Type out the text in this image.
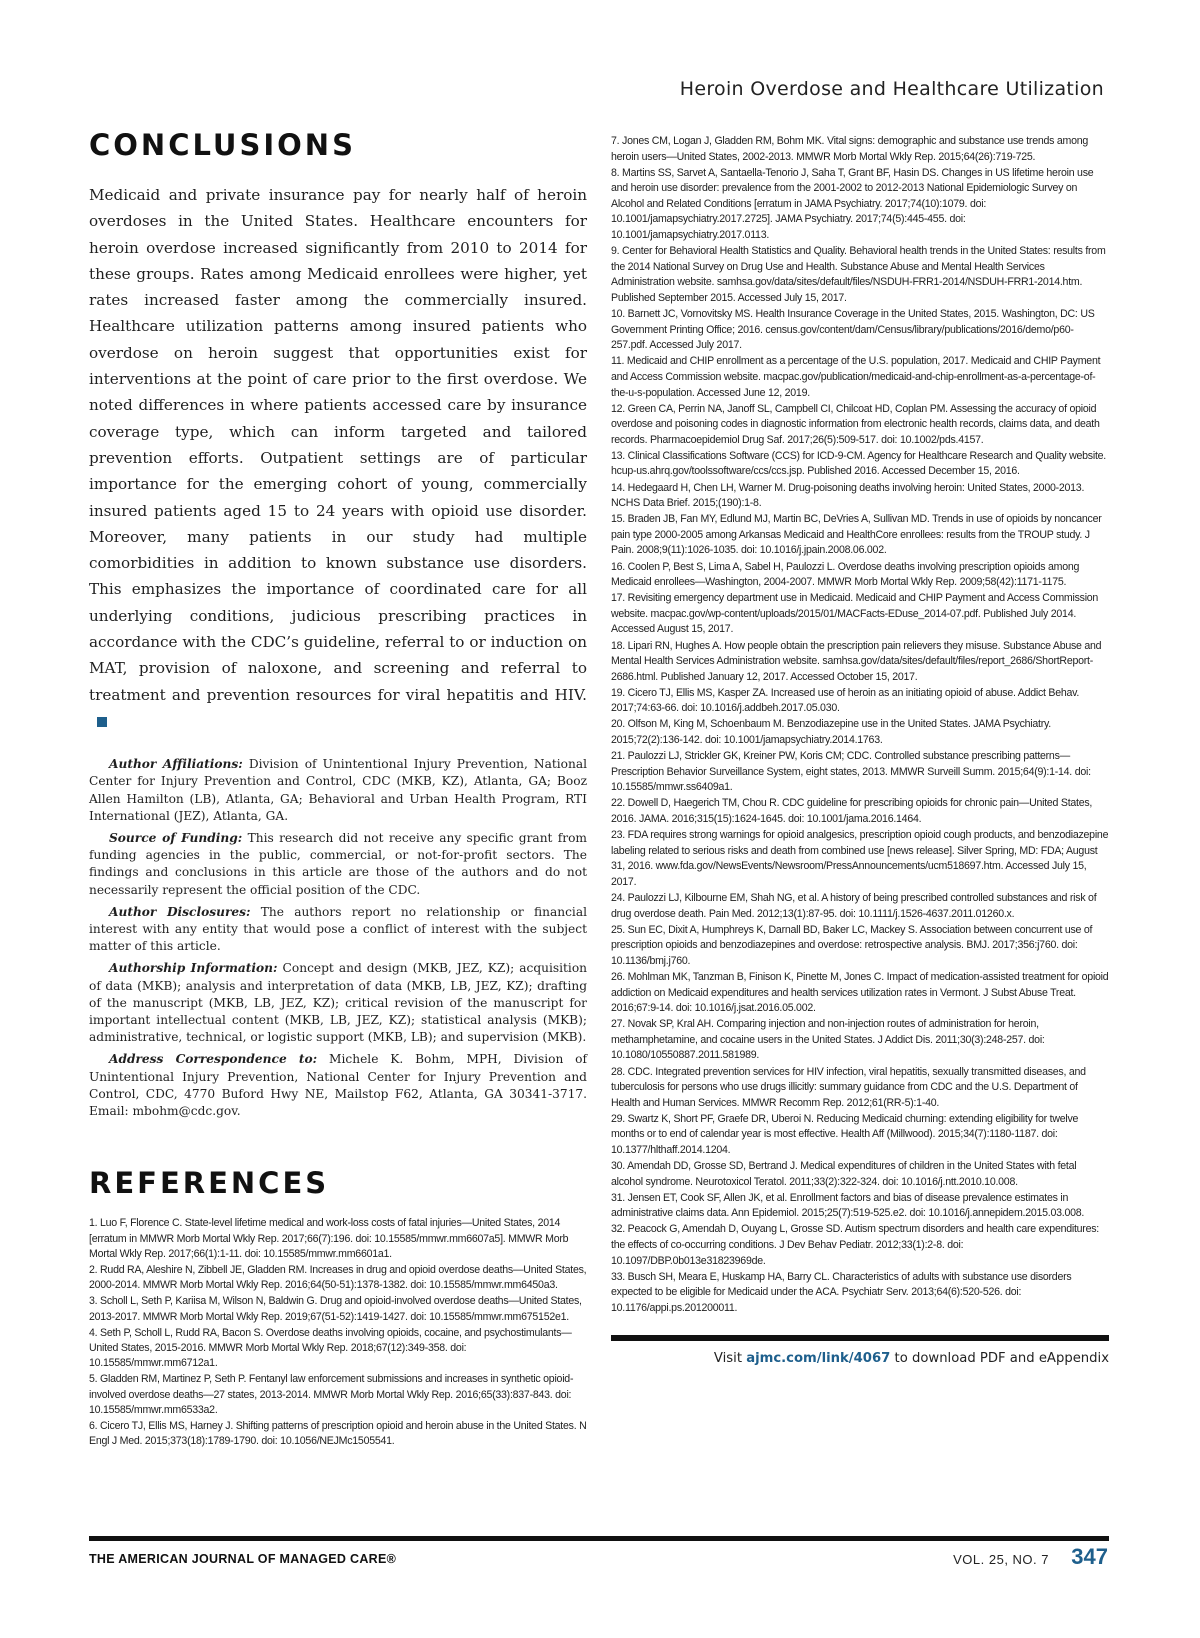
Heroin Overdose and Healthcare Utilization
CONCLUSIONS

Medicaid and private insurance pay for nearly half of heroin overdoses in the United States. Healthcare encounters for heroin overdose increased significantly from 2010 to 2014 for these groups. Rates among Medicaid enrollees were higher, yet rates increased faster among the commercially insured. Healthcare utilization patterns among insured patients who overdose on heroin suggest that opportunities exist for interventions at the point of care prior to the first overdose. We noted differences in where patients accessed care by insurance coverage type, which can inform targeted and tailored prevention efforts. Outpatient settings are of particular importance for the emerging cohort of young, commercially insured patients aged 15 to 24 years with opioid use disorder. Moreover, many patients in our study had multiple comorbidities in addition to known substance use disorders. This emphasizes the importance of coordinated care for all underlying conditions, judicious prescribing practices in accordance with the CDC’s guideline, referral to or induction on MAT, provision of naloxone, and screening and referral to treatment and prevention resources for viral hepatitis and HIV.

Author Affiliations: Division of Unintentional Injury Prevention, National Center for Injury Prevention and Control, CDC (MKB, KZ), Atlanta, GA; Booz Allen Hamilton (LB), Atlanta, GA; Behavioral and Urban Health Program, RTI International (JEZ), Atlanta, GA.

Source of Funding: This research did not receive any specific grant from funding agencies in the public, commercial, or not-for-profit sectors. The findings and conclusions in this article are those of the authors and do not necessarily represent the official position of the CDC.

Author Disclosures: The authors report no relationship or financial interest with any entity that would pose a conflict of interest with the subject matter of this article.

Authorship Information: Concept and design (MKB, JEZ, KZ); acquisition of data (MKB); analysis and interpretation of data (MKB, LB, JEZ, KZ); drafting of the manuscript (MKB, LB, JEZ, KZ); critical revision of the manuscript for important intellectual content (MKB, LB, JEZ, KZ); statistical analysis (MKB); administrative, technical, or logistic support (MKB, LB); and supervision (MKB).

Address Correspondence to: Michele K. Bohm, MPH, Division of Unintentional Injury Prevention, National Center for Injury Prevention and Control, CDC, 4770 Buford Hwy NE, Mailstop F62, Atlanta, GA 30341-3717. Email: mbohm@cdc.gov.

REFERENCES

1. Luo F, Florence C. State-level lifetime medical and work-loss costs of fatal injuries—United States, 2014 [erratum in MMWR Morb Mortal Wkly Rep. 2017;66(7):196. doi: 10.15585/mmwr.mm6607a5]. MMWR Morb Mortal Wkly Rep. 2017;66(1):1-11. doi: 10.15585/mmwr.mm6601a1.

2. Rudd RA, Aleshire N, Zibbell JE, Gladden RM. Increases in drug and opioid overdose deaths—United States, 2000-2014. MMWR Morb Mortal Wkly Rep. 2016;64(50-51):1378-1382. doi: 10.15585/mmwr.mm6450a3.

3. Scholl L, Seth P, Kariisa M, Wilson N, Baldwin G. Drug and opioid-involved overdose deaths—United States, 2013-2017. MMWR Morb Mortal Wkly Rep. 2019;67(51-52):1419-1427. doi: 10.15585/mmwr.mm675152e1.

4. Seth P, Scholl L, Rudd RA, Bacon S. Overdose deaths involving opioids, cocaine, and psychostimulants—United States, 2015-2016. MMWR Morb Mortal Wkly Rep. 2018;67(12):349-358. doi: 10.15585/mmwr.mm6712a1.

5. Gladden RM, Martinez P, Seth P. Fentanyl law enforcement submissions and increases in synthetic opioid-involved overdose deaths—27 states, 2013-2014. MMWR Morb Mortal Wkly Rep. 2016;65(33):837-843. doi: 10.15585/mmwr.mm6533a2.

6. Cicero TJ, Ellis MS, Harney J. Shifting patterns of prescription opioid and heroin abuse in the United States. N Engl J Med. 2015;373(18):1789-1790. doi: 10.1056/NEJMc1505541.

7. Jones CM, Logan J, Gladden RM, Bohm MK. Vital signs: demographic and substance use trends among heroin users—United States, 2002-2013. MMWR Morb Mortal Wkly Rep. 2015;64(26):719-725.

8. Martins SS, Sarvet A, Santaella-Tenorio J, Saha T, Grant BF, Hasin DS. Changes in US lifetime heroin use and heroin use disorder: prevalence from the 2001-2002 to 2012-2013 National Epidemiologic Survey on Alcohol and Related Conditions [erratum in JAMA Psychiatry. 2017;74(10):1079. doi: 10.1001/jamapsychiatry.2017.2725]. JAMA Psychiatry. 2017;74(5):445-455. doi: 10.1001/jamapsychiatry.2017.0113.

9. Center for Behavioral Health Statistics and Quality. Behavioral health trends in the United States: results from the 2014 National Survey on Drug Use and Health. Substance Abuse and Mental Health Services Administration website. samhsa.gov/data/sites/default/files/NSDUH-FRR1-2014/NSDUH-FRR1-2014.htm. Published September 2015. Accessed July 15, 2017.

10. Barnett JC, Vornovitsky MS. Health Insurance Coverage in the United States, 2015. Washington, DC: US Government Printing Office; 2016. census.gov/content/dam/Census/library/publications/2016/demo/p60-257.pdf. Accessed July 2017.

11. Medicaid and CHIP enrollment as a percentage of the U.S. population, 2017. Medicaid and CHIP Payment and Access Commission website. macpac.gov/publication/medicaid-and-chip-enrollment-as-a-percentage-of-the-u-s-population. Accessed June 12, 2019.

12. Green CA, Perrin NA, Janoff SL, Campbell CI, Chilcoat HD, Coplan PM. Assessing the accuracy of opioid overdose and poisoning codes in diagnostic information from electronic health records, claims data, and death records. Pharmacoepidemiol Drug Saf. 2017;26(5):509-517. doi: 10.1002/pds.4157.

13. Clinical Classifications Software (CCS) for ICD-9-CM. Agency for Healthcare Research and Quality website. hcup-us.ahrq.gov/toolssoftware/ccs/ccs.jsp. Published 2016. Accessed December 15, 2016.

14. Hedegaard H, Chen LH, Warner M. Drug-poisoning deaths involving heroin: United States, 2000-2013. NCHS Data Brief. 2015;(190):1-8.

15. Braden JB, Fan MY, Edlund MJ, Martin BC, DeVries A, Sullivan MD. Trends in use of opioids by noncancer pain type 2000-2005 among Arkansas Medicaid and HealthCore enrollees: results from the TROUP study. J Pain. 2008;9(11):1026-1035. doi: 10.1016/j.jpain.2008.06.002.

16. Coolen P, Best S, Lima A, Sabel H, Paulozzi L. Overdose deaths involving prescription opioids among Medicaid enrollees—Washington, 2004-2007. MMWR Morb Mortal Wkly Rep. 2009;58(42):1171-1175.

17. Revisiting emergency department use in Medicaid. Medicaid and CHIP Payment and Access Commission website. macpac.gov/wp-content/uploads/2015/01/MACFacts-EDuse_2014-07.pdf. Published July 2014. Accessed August 15, 2017.

18. Lipari RN, Hughes A. How people obtain the prescription pain relievers they misuse. Substance Abuse and Mental Health Services Administration website. samhsa.gov/data/sites/default/files/report_2686/ShortReport-2686.html. Published January 12, 2017. Accessed October 15, 2017.

19. Cicero TJ, Ellis MS, Kasper ZA. Increased use of heroin as an initiating opioid of abuse. Addict Behav. 2017;74:63-66. doi: 10.1016/j.addbeh.2017.05.030.

20. Olfson M, King M, Schoenbaum M. Benzodiazepine use in the United States. JAMA Psychiatry. 2015;72(2):136-142. doi: 10.1001/jamapsychiatry.2014.1763.

21. Paulozzi LJ, Strickler GK, Kreiner PW, Koris CM; CDC. Controlled substance prescribing patterns—Prescription Behavior Surveillance System, eight states, 2013. MMWR Surveill Summ. 2015;64(9):1-14. doi: 10.15585/mmwr.ss6409a1.

22. Dowell D, Haegerich TM, Chou R. CDC guideline for prescribing opioids for chronic pain—United States, 2016. JAMA. 2016;315(15):1624-1645. doi: 10.1001/jama.2016.1464.

23. FDA requires strong warnings for opioid analgesics, prescription opioid cough products, and benzodiazepine labeling related to serious risks and death from combined use [news release]. Silver Spring, MD: FDA; August 31, 2016. www.fda.gov/NewsEvents/Newsroom/PressAnnouncements/ucm518697.htm. Accessed July 15, 2017.

24. Paulozzi LJ, Kilbourne EM, Shah NG, et al. A history of being prescribed controlled substances and risk of drug overdose death. Pain Med. 2012;13(1):87-95. doi: 10.1111/j.1526-4637.2011.01260.x.

25. Sun EC, Dixit A, Humphreys K, Darnall BD, Baker LC, Mackey S. Association between concurrent use of prescription opioids and benzodiazepines and overdose: retrospective analysis. BMJ. 2017;356:j760. doi: 10.1136/bmj.j760.

26. Mohlman MK, Tanzman B, Finison K, Pinette M, Jones C. Impact of medication-assisted treatment for opioid addiction on Medicaid expenditures and health services utilization rates in Vermont. J Subst Abuse Treat. 2016;67:9-14. doi: 10.1016/j.jsat.2016.05.002.

27. Novak SP, Kral AH. Comparing injection and non-injection routes of administration for heroin, methamphetamine, and cocaine users in the United States. J Addict Dis. 2011;30(3):248-257. doi: 10.1080/10550887.2011.581989.

28. CDC. Integrated prevention services for HIV infection, viral hepatitis, sexually transmitted diseases, and tuberculosis for persons who use drugs illicitly: summary guidance from CDC and the U.S. Department of Health and Human Services. MMWR Recomm Rep. 2012;61(RR-5):1-40.

29. Swartz K, Short PF, Graefe DR, Uberoi N. Reducing Medicaid churning: extending eligibility for twelve months or to end of calendar year is most effective. Health Aff (Millwood). 2015;34(7):1180-1187. doi: 10.1377/hlthaff.2014.1204.

30. Amendah DD, Grosse SD, Bertrand J. Medical expenditures of children in the United States with fetal alcohol syndrome. Neurotoxicol Teratol. 2011;33(2):322-324. doi: 10.1016/j.ntt.2010.10.008.

31. Jensen ET, Cook SF, Allen JK, et al. Enrollment factors and bias of disease prevalence estimates in administrative claims data. Ann Epidemiol. 2015;25(7):519-525.e2. doi: 10.1016/j.annepidem.2015.03.008.

32. Peacock G, Amendah D, Ouyang L, Grosse SD. Autism spectrum disorders and health care expenditures: the effects of co-occurring conditions. J Dev Behav Pediatr. 2012;33(1):2-8. doi: 10.1097/DBP.0b013e31823969de.

33. Busch SH, Meara E, Huskamp HA, Barry CL. Characteristics of adults with substance use disorders expected to be eligible for Medicaid under the ACA. Psychiatr Serv. 2013;64(6):520-526. doi: 10.1176/appi.ps.201200011.

Visit ajmc.com/link/4067 to download PDF and eAppendix
THE AMERICAN JOURNAL OF MANAGED CARE®	VOL. 25, NO. 7 347
